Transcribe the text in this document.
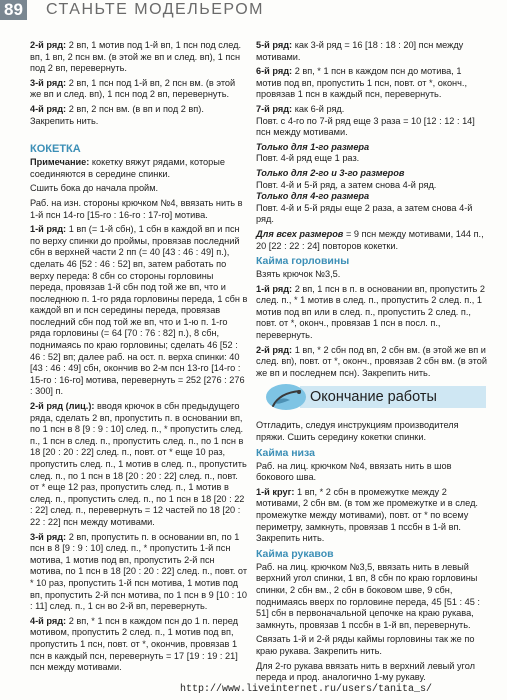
89 СТАНЬТЕ МОДЕЛЬЕРОМ

2-й ряд: 2 вп, 1 мотив под 1-й вп, 1 псн под след. вп, 1 вп, 2 псн вм. (в этой же вп и след. вп), 1 псн под 2 вп, перевернуть.

3-й ряд: 2 вп, 1 псн под 1-й вп, 2 псн вм. (в этой же вп и след. вп), 1 псн под 2 вп, перевернуть.

4-й ряд: 2 вп, 2 псн вм. (в вп и под 2 вп). Закрепить нить.

КОКЕТКА

Примечание: кокетку вяжут рядами, которые соединяются в середине спинки.

Сшить бока до начала пройм.

Раб. на изн. стороны крючком №4, ввязать нить в 1-й псн 14-го [15-го : 16-го : 17-го] мотива.

1-й ряд: 1 вп (= 1-й сбн), 1 сбн в каждой вп и псн по верху спинки до проймы, провязав последний сбн в верхней части 2 пп (= 40 [43 : 46 : 49] п.), сделать 46 [52 : 46 : 52] вп, затем работать по верху переда: 8 сбн со стороны горловины переда, провязав 1-й сбн под той же вп, что и последнюю п. 1-го ряда горловины переда, 1 сбн в каждой вп и псн середины переда, провязав последний сбн под той же вп, что и 1-ю п. 1-го ряда горловины (= 64 [70 : 76 : 82] п.), 8 сбн, поднимаясь по краю горловины; сделать 46 [52 : 46 : 52] вп; далее раб. на ост. п. верха спинки: 40 [43 : 46 : 49] сбн, окончив во 2-м псн 13-го [14-го : 15-го : 16-го] мотива, перевернуть = 252 [276 : 276 : 300] п.

2-й ряд (лиц.): вводя крючок в сбн предыдущего ряда, сделать 2 вп, пропустить п. в основании вп, по 1 псн в 8 [9 : 9 : 10] след. п., * пропустить след. п., 1 псн в след. п., пропустить след. п., по 1 псн в 18 [20 : 20 : 22] след. п., повт. от * еще 10 раз, пропустить след. п., 1 мотив в след. п., пропустить след. п., по 1 псн в 18 [20 : 20 : 22] след. п., повт. от * еще 12 раз, пропустить след. п., 1 мотив в след. п., пропустить след. п., по 1 псн в 18 [20 : 22 : 22] след. п., перевернуть = 12 частей по 18 [20 : 22 : 22] псн между мотивами.

3-й ряд: 2 вп, пропустить п. в основании вп, по 1 псн в 8 [9 : 9 : 10] след. п., * пропустить 1-й псн мотива, 1 мотив под вп, пропустить 2-й псн мотива, по 1 псн в 18 [20 : 20 : 22] след. п., повт. от * 10 раз, пропустить 1-й псн мотива, 1 мотив под вп, пропустить 2-й псн мотива, по 1 псн в 9 [10 : 10 : 11] след. п., 1 сн во 2-й вп, перевернуть.

4-й ряд: 2 вп, * 1 псн в каждом псн до 1 п. перед мотивом, пропустить 2 след. п., 1 мотив под вп, пропустить 1 псн, повт. от *, окончив, провязав 1 псн в каждый псн, перевернуть = 17 [19 : 19 : 21] псн между мотивами.

5-й ряд: как 3-й ряд = 16 [18 : 18 : 20] псн между мотивами.

6-й ряд: 2 вп, * 1 псн в каждом псн до мотива, 1 мотив под вп, пропустить 1 псн, повт. от *, оконч., провязав 1 псн в каждый псн, перевернуть.

7-й ряд: как 6-й ряд.

Повт. с 4-го по 7-й ряд еще 3 раза = 10 [12 : 12 : 14] псн между мотивами.

Только для 1-го размера

Повт. 4-й ряд еще 1 раз.

Только для 2-го и 3-го размеров

Повт. 4-й и 5-й ряд, а затем снова 4-й ряд.

Только для 4-го размера

Повт. 4-й и 5-й ряды еще 2 раза, а затем снова 4-й ряд.

Для всех размеров = 9 псн между мотивами, 144 п., 20 [22 : 22 : 24] повторов кокетки.

Кайма горловины

Взять крючок №3,5.

1-й ряд: 2 вп, 1 псн в п. в основании вп, пропустить 2 след. п., * 1 мотив в след. п., пропустить 2 след. п., 1 мотив под вп или в след. п., пропустить 2 след. п., повт. от *, оконч., провязав 1 псн в посл. п., перевернуть.

2-й ряд: 1 вп, * 2 сбн под вп, 2 сбн вм. (в этой же вп и след. вп), повт. от *, оконч., провязав 2 сбн вм. (в этой же вп и последнем псн). Закрепить нить.

Окончание работы

Отгладить, следуя инструкциям производителя пряжи. Сшить середину кокетки спинки.

Кайма низа

Раб. на лиц. крючком №4, ввязать нить в шов бокового шва.

1-й круг: 1 вп, * 2 сбн в промежутке между 2 мотивами, 2 сбн вм. (в том же промежутке и в след. промежутке между мотивами), повт. от * по всему периметру, замкнуть, провязав 1 пссбн в 1-й вп. Закрепить нить.

Кайма рукавов

Раб. на лиц. крючком №3,5, ввязать нить в левый верхний угол спинки, 1 вп, 8 сбн по краю горловины спинки, 2 сбн вм., 2 сбн в боковом шве, 9 сбн, поднимаясь вверх по горловине переда, 45 [51 : 45 : 51] сбн в первоначальной цепочке на краю рукава, замкнуть, провязав 1 пссбн в 1-й вп, перевернуть.

Связать 1-й и 2-й ряды каймы горловины так же по краю рукава. Закрепить нить.

Для 2-го рукава ввязать нить в верхний левый угол переда и прод. аналогично 1-му рукаву.

http://www.liveinternet.ru/users/tanita_s/
